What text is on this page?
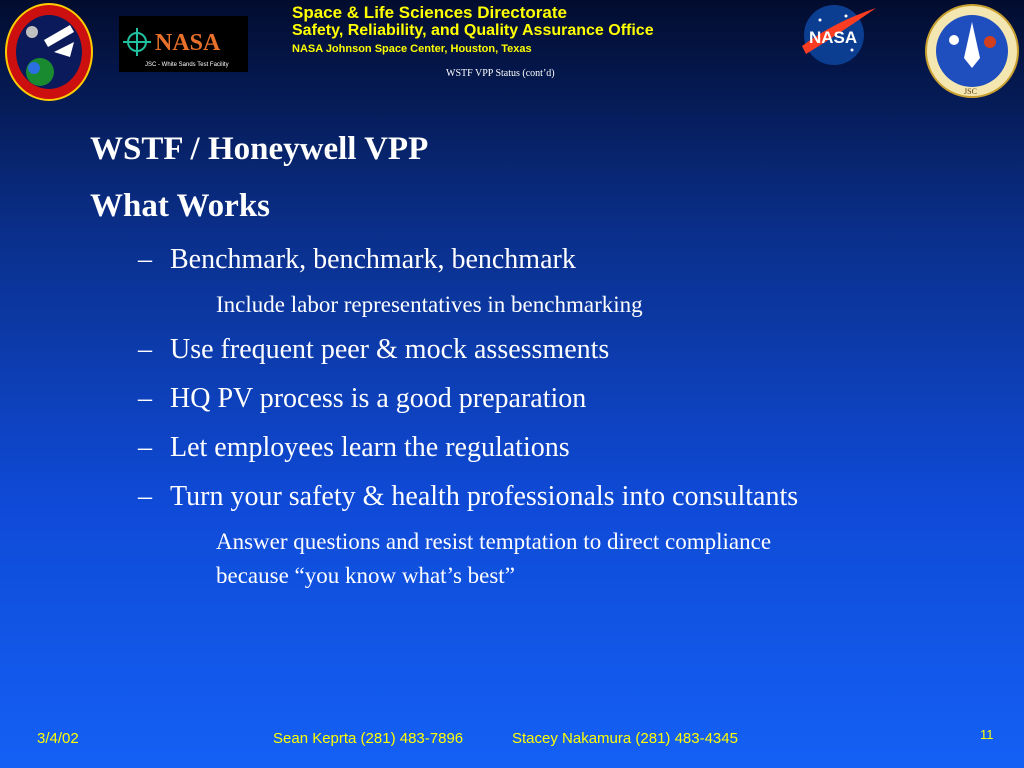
NASA
JSC - White Sands Test Facility
Space & Life Sciences Directorate
Safety, Reliability, and Quality Assurance Office
NASA Johnson Space Center, Houston, Texas
WSTF VPP Status (cont’d)
NASA
JSC
WSTF / Honeywell VPP
What Works
– Benchmark, benchmark, benchmark
Include labor representatives in benchmarking
– Use frequent peer & mock assessments
– HQ PV process is a good preparation
– Let employees learn the regulations
– Turn your safety & health professionals into consultants
Answer questions and resist temptation to direct compliance
because “you know what’s best”
3/4/02	Sean Keprta (281) 483-7896	Stacey Nakamura (281) 483-4345	11
